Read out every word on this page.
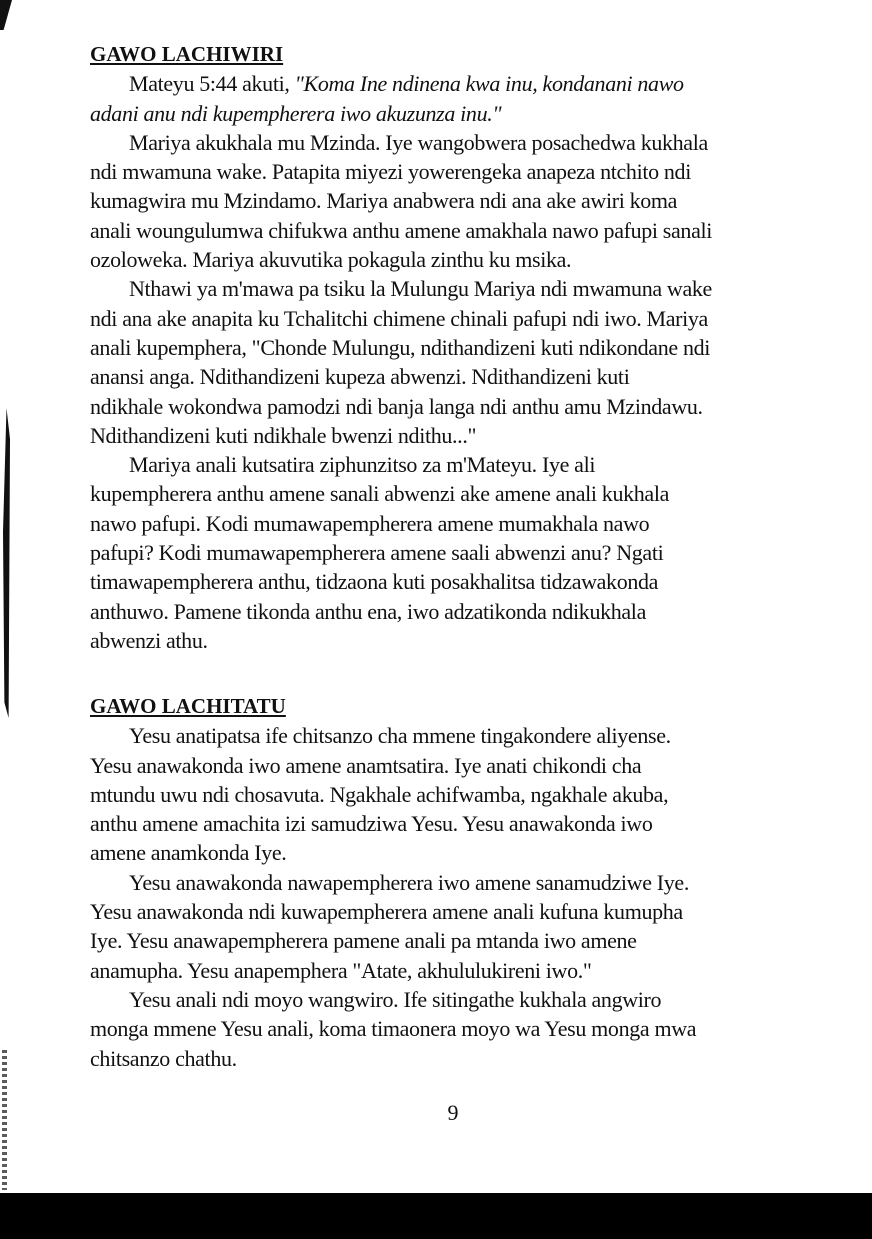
GAWO LACHIWIRI
Mateyu 5:44 akuti, "Koma Ine ndinena kwa inu, kondanani nawo
adani anu ndi kupempherera iwo akuzunza inu."
Mariya akukhala mu Mzinda. Iye wangobwera posachedwa kukhala
ndi mwamuna wake. Patapita miyezi yowerengeka anapeza ntchito ndi
kumagwira mu Mzindamo. Mariya anabwera ndi ana ake awiri koma
anali woungulumwa chifukwa anthu amene amakhala nawo pafupi sanali
ozoloweka. Mariya akuvutika pokagula zinthu ku msika.
Nthawi ya m'mawa pa tsiku la Mulungu Mariya ndi mwamuna wake
ndi ana ake anapita ku Tchalitchi chimene chinali pafupi ndi iwo. Mariya
anali kupemphera, "Chonde Mulungu, ndithandizeni kuti ndikondane ndi
anansi anga. Ndithandizeni kupeza abwenzi. Ndithandizeni kuti
ndikhale wokondwa pamodzi ndi banja langa ndi anthu amu Mzindawu.
Ndithandizeni kuti ndikhale bwenzi ndithu..."
Mariya anali kutsatira ziphunzitso za m'Mateyu. Iye ali
kupempherera anthu amene sanali abwenzi ake amene anali kukhala
nawo pafupi. Kodi mumawapempherera amene mumakhala nawo
pafupi? Kodi mumawapempherera amene saali abwenzi anu? Ngati
timawapempherera anthu, tidzaona kuti posakhalitsa tidzawakonda
anthuwo. Pamene tikonda anthu ena, iwo adzatikonda ndikukhala
abwenzi athu.
GAWO LACHITATU
Yesu anatipatsa ife chitsanzo cha mmene tingakondere aliyense.
Yesu anawakonda iwo amene anamtsatira. Iye anati chikondi cha
mtundu uwu ndi chosavuta. Ngakhale achifwamba, ngakhale akuba,
anthu amene amachita izi samudziwa Yesu. Yesu anawakonda iwo
amene anamkonda Iye.
Yesu anawakonda nawapempherera iwo amene sanamudziwe Iye.
Yesu anawakonda ndi kuwapempherera amene anali kufuna kumupha
Iye. Yesu anawapempherera pamene anali pa mtanda iwo amene
anamupha. Yesu anapemphera "Atate, akhululukireni iwo."
Yesu anali ndi moyo wangwiro. Ife sitingathe kukhala angwiro
monga mmene Yesu anali, koma timaonera moyo wa Yesu monga mwa
chitsanzo chathu.
9
